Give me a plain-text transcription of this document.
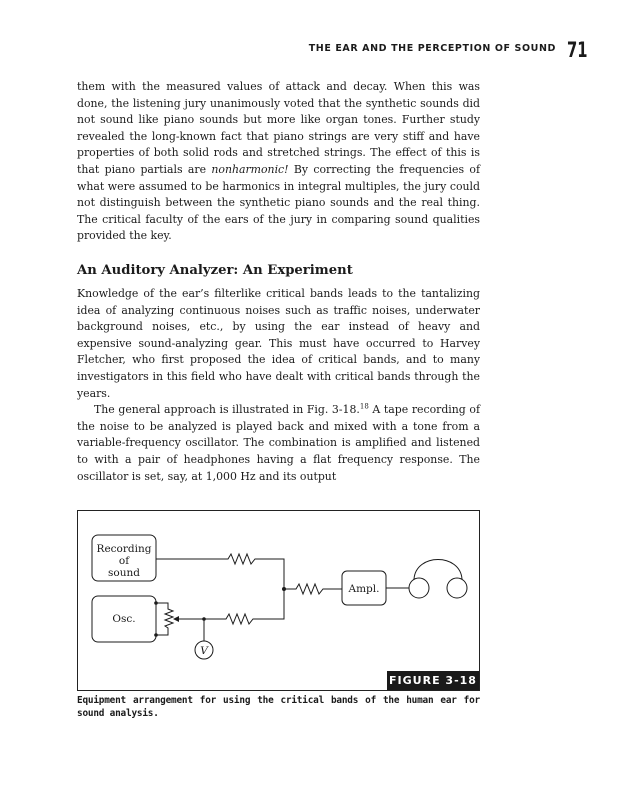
THE EAR AND THE PERCEPTION OF SOUND 71

them with the measured values of attack and decay. When this was done, the listening jury unanimously voted that the synthetic sounds did not sound like piano sounds but more like organ tones. Further study revealed the long-known fact that piano strings are very stiff and have properties of both solid rods and stretched strings. The effect of this is that piano partials are nonharmonic! By correcting the frequencies of what were assumed to be harmonics in integral multiples, the jury could not distinguish between the synthetic piano sounds and the real thing. The critical faculty of the ears of the jury in comparing sound qualities provided the key.

An Auditory Analyzer: An Experiment

Knowledge of the ear’s filterlike critical bands leads to the tantalizing idea of analyzing continuous noises such as traffic noises, underwater background noises, etc., by using the ear instead of heavy and expensive sound-analyzing gear. This must have occurred to Harvey Fletcher, who first proposed the idea of critical bands, and to many investigators in this field who have dealt with critical bands through the years.

The general approach is illustrated in Fig. 3-18.18 A tape recording of the noise to be analyzed is played back and mixed with a tone from a variable-frequency oscillator. The combination is amplified and listened to with a pair of headphones having a flat frequency response. The oscillator is set, say, at 1,000 Hz and its output

Recording
of
sound
Osc.
Ampl.
V
FIGURE 3-18

Equipment arrangement for using the critical bands of the human ear for sound analysis.
